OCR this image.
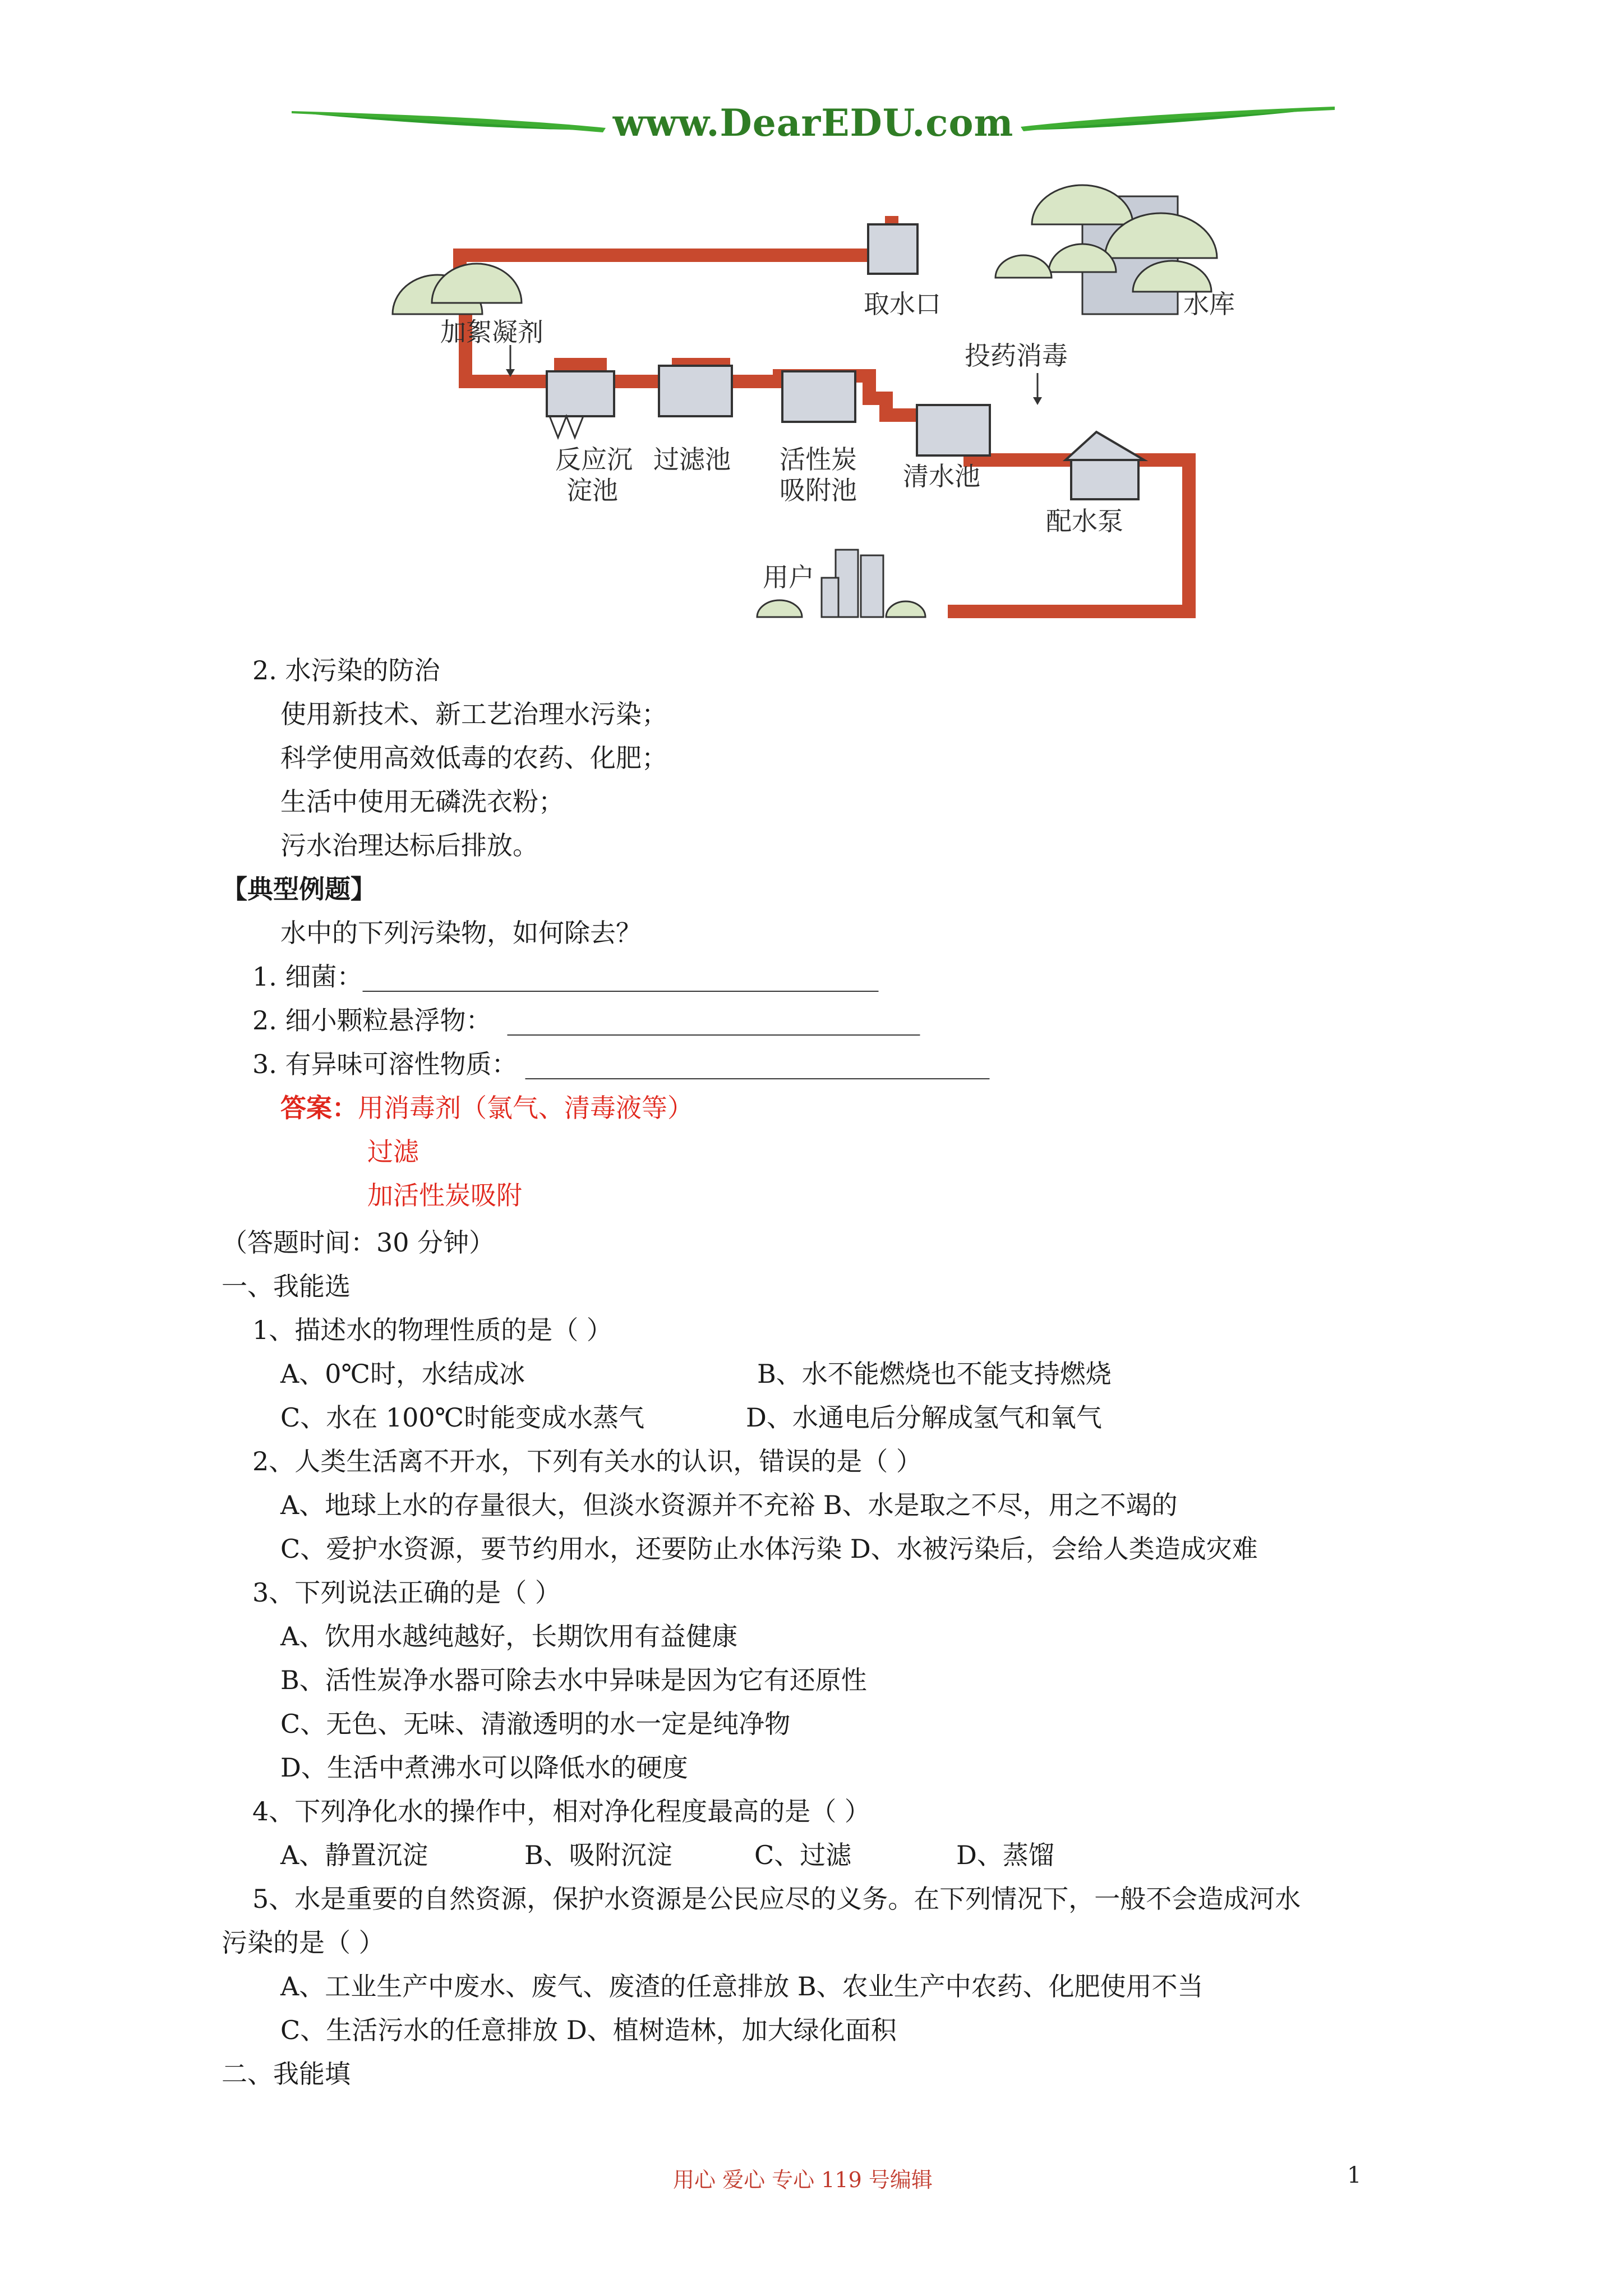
www.DearEDU.com
取水口	水库
加絮凝剂
投药消毒
反应沉
淀池
过滤池 活性炭
吸附池 清水池
配水泵
用户
2. 水污染的防治
使用新技术、新工艺治理水污染；
科学使用高效低毒的农药、化肥；
生活中使用无磷洗衣粉；
污水治理达标后排放。
【典型例题】
水中的下列污染物，如何除去？
1. 细菌：________________________________________
2. 细小颗粒悬浮物： ________________________________
3. 有异味可溶性物质： ____________________________________
答案：用消毒剂（氯气、清毒液等）
过滤
加活性炭吸附
（答题时间：30 分钟）
一、我能选
1、描述水的物理性质的是（ ）
A、0℃时，水结成冰	B、水不能燃烧也不能支持燃烧
C、水在 100℃时能变成水蒸气	D、水通电后分解成氢气和氧气
2、人类生活离不开水，下列有关水的认识，错误的是（ ）
A、地球上水的存量很大，但淡水资源并不充裕 B、水是取之不尽，用之不竭的
C、爱护水资源，要节约用水，还要防止水体污染 D、水被污染后，会给人类造成灾难
3、下列说法正确的是（ ）
A、饮用水越纯越好，长期饮用有益健康
B、活性炭净水器可除去水中异味是因为它有还原性
C、无色、无味、清澈透明的水一定是纯净物
D、生活中煮沸水可以降低水的硬度
4、下列净化水的操作中，相对净化程度最高的是（ ）
A、静置沉淀	B、吸附沉淀	C、过滤	D、蒸馏
5、水是重要的自然资源，保护水资源是公民应尽的义务。在下列情况下，一般不会造成河水
污染的是（ ）
A、工业生产中废水、废气、废渣的任意排放 B、农业生产中农药、化肥使用不当
C、生活污水的任意排放 D、植树造林，加大绿化面积
二、我能填
用心 爱心 专心 119 号编辑	1
